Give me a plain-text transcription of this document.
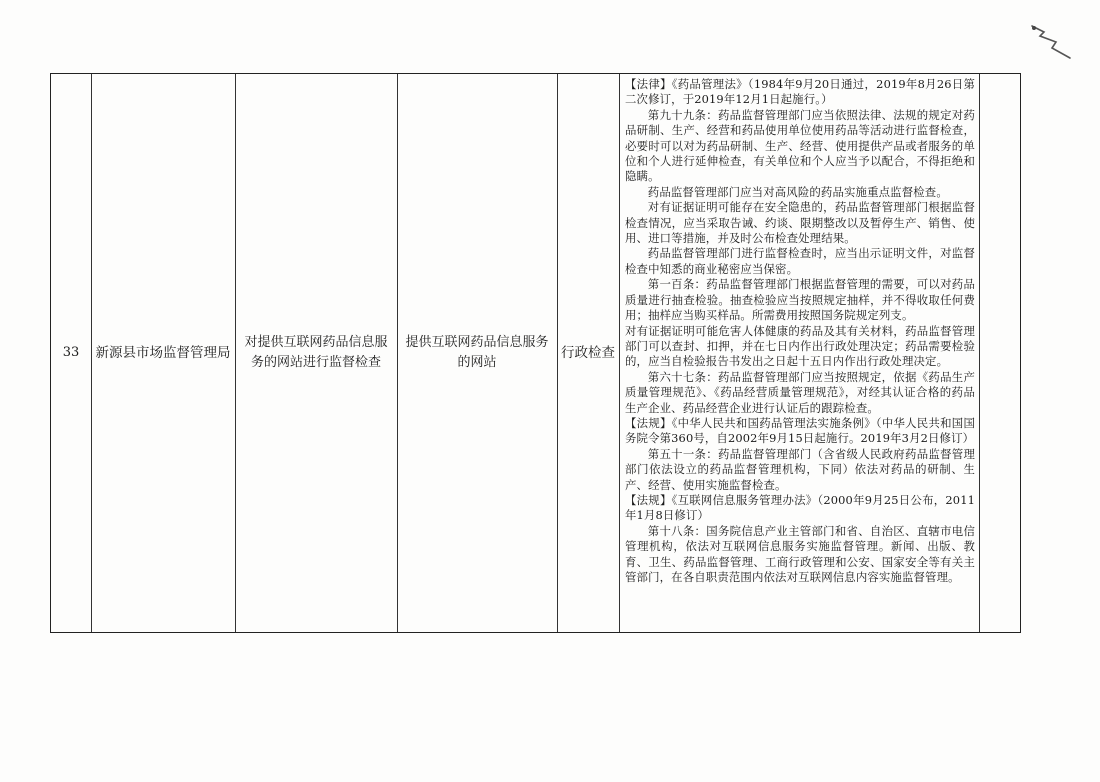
33	新源县市场监督管理局
对提供互联网药品信息服务的网站进行监督检查
提供互联网药品信息服务的网站
行政检查

【法律】《药品管理法》（1984年9月20日通过，2019年8月26日第二次修订，于2019年12月1日起施行。）

第九十九条：药品监督管理部门应当依照法律、法规的规定对药品研制、生产、经营和药品使用单位使用药品等活动进行监督检查，必要时可以对为药品研制、生产、经营、使用提供产品或者服务的单位和个人进行延伸检查，有关单位和个人应当予以配合，不得拒绝和隐瞒。

药品监督管理部门应当对高风险的药品实施重点监督检查。

对有证据证明可能存在安全隐患的，药品监督管理部门根据监督检查情况，应当采取告诫、约谈、限期整改以及暂停生产、销售、使用、进口等措施，并及时公布检查处理结果。

药品监督管理部门进行监督检查时，应当出示证明文件，对监督检查中知悉的商业秘密应当保密。

第一百条：药品监督管理部门根据监督管理的需要，可以对药品质量进行抽查检验。抽查检验应当按照规定抽样，并不得收取任何费用；抽样应当购买样品。所需费用按照国务院规定列支。

对有证据证明可能危害人体健康的药品及其有关材料，药品监督管理部门可以查封、扣押，并在七日内作出行政处理决定；药品需要检验的，应当自检验报告书发出之日起十五日内作出行政处理决定。

第六十七条：药品监督管理部门应当按照规定，依据《药品生产质量管理规范》、《药品经营质量管理规范》，对经其认证合格的药品生产企业、药品经营企业进行认证后的跟踪检查。

【法规】《中华人民共和国药品管理法实施条例》（中华人民共和国国务院令第360号，自2002年9月15日起施行。2019年3月2日修订）

第五十一条：药品监督管理部门（含省级人民政府药品监督管理部门依法设立的药品监督管理机构，下同）依法对药品的研制、生产、经营、使用实施监督检查。

【法规】《互联网信息服务管理办法》（2000年9月25日公布，2011年1月8日修订）

第十八条：国务院信息产业主管部门和省、自治区、直辖市电信管理机构，依法对互联网信息服务实施监督管理。新闻、出版、教育、卫生、药品监督管理、工商行政管理和公安、国家安全等有关主管部门，在各自职责范围内依法对互联网信息内容实施监督管理。
